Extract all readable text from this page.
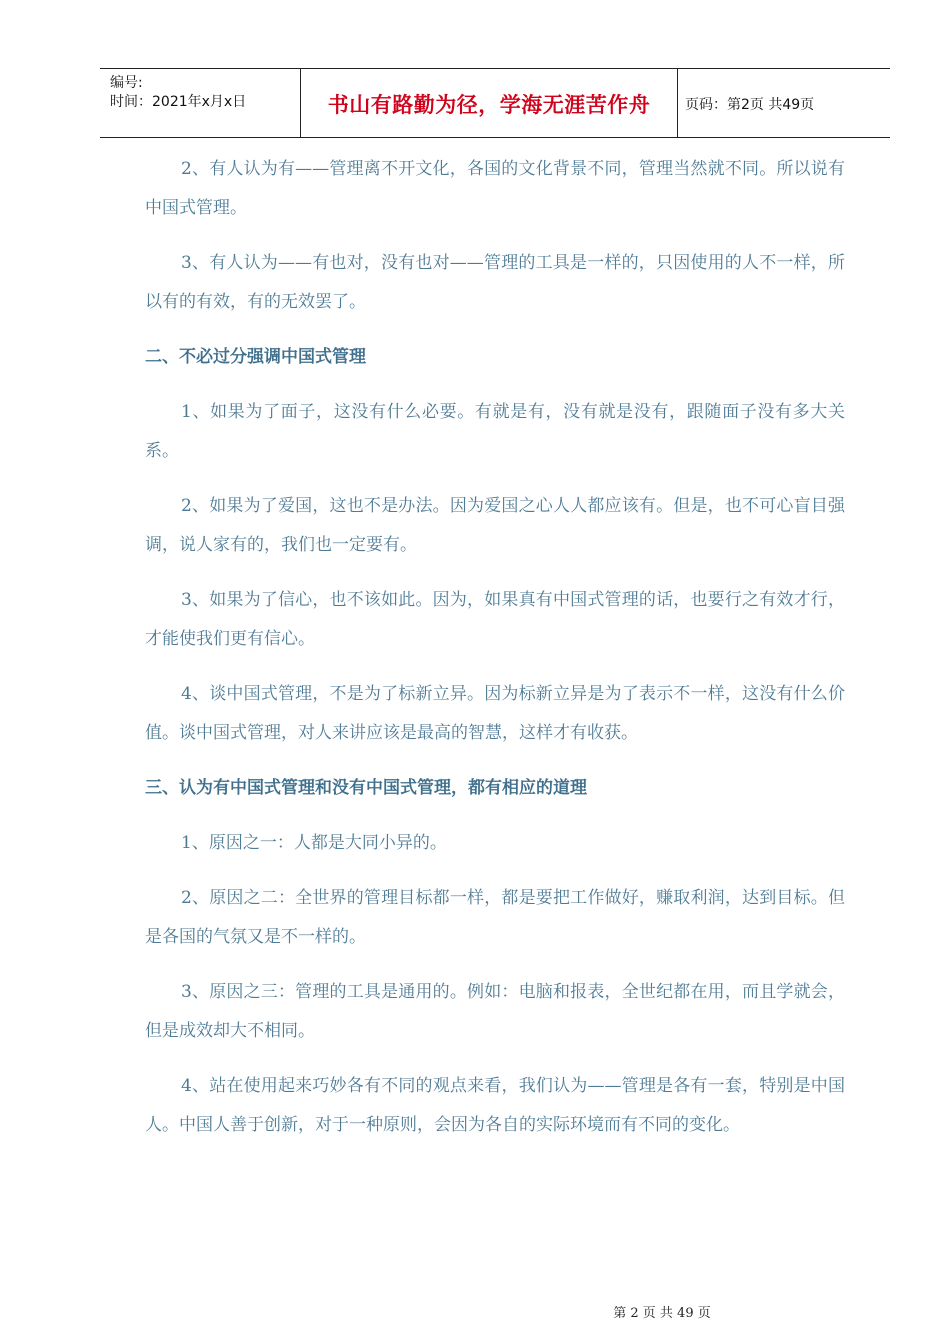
编号:
时间：2021年x月x日	书山有路勤为径，学海无涯苦作舟 页码：第2页 共49页

2、有人认为有——管理离不开文化，各国的文化背景不同，管理当然就不同。所以说有中国式管理。

3、有人认为——有也对，没有也对——管理的工具是一样的，只因使用的人不一样，所以有的有效，有的无效罢了。

二、不必过分强调中国式管理

1、如果为了面子，这没有什么必要。有就是有，没有就是没有，跟随面子没有多大关系。

2、如果为了爱国，这也不是办法。因为爱国之心人人都应该有。但是，也不可心盲目强调，说人家有的，我们也一定要有。

3、如果为了信心，也不该如此。因为，如果真有中国式管理的话，也要行之有效才行，才能使我们更有信心。

4、谈中国式管理，不是为了标新立异。因为标新立异是为了表示不一样，这没有什么价值。谈中国式管理，对人来讲应该是最高的智慧，这样才有收获。

三、认为有中国式管理和没有中国式管理，都有相应的道理

1、原因之一：人都是大同小异的。

2、原因之二：全世界的管理目标都一样，都是要把工作做好，赚取利润，达到目标。但是各国的气氛又是不一样的。

3、原因之三：管理的工具是通用的。例如：电脑和报表，全世纪都在用，而且学就会，但是成效却大不相同。

4、站在使用起来巧妙各有不同的观点来看，我们认为——管理是各有一套，特别是中国人。中国人善于创新，对于一种原则，会因为各自的实际环境而有不同的变化。

第 2 页 共 49 页
